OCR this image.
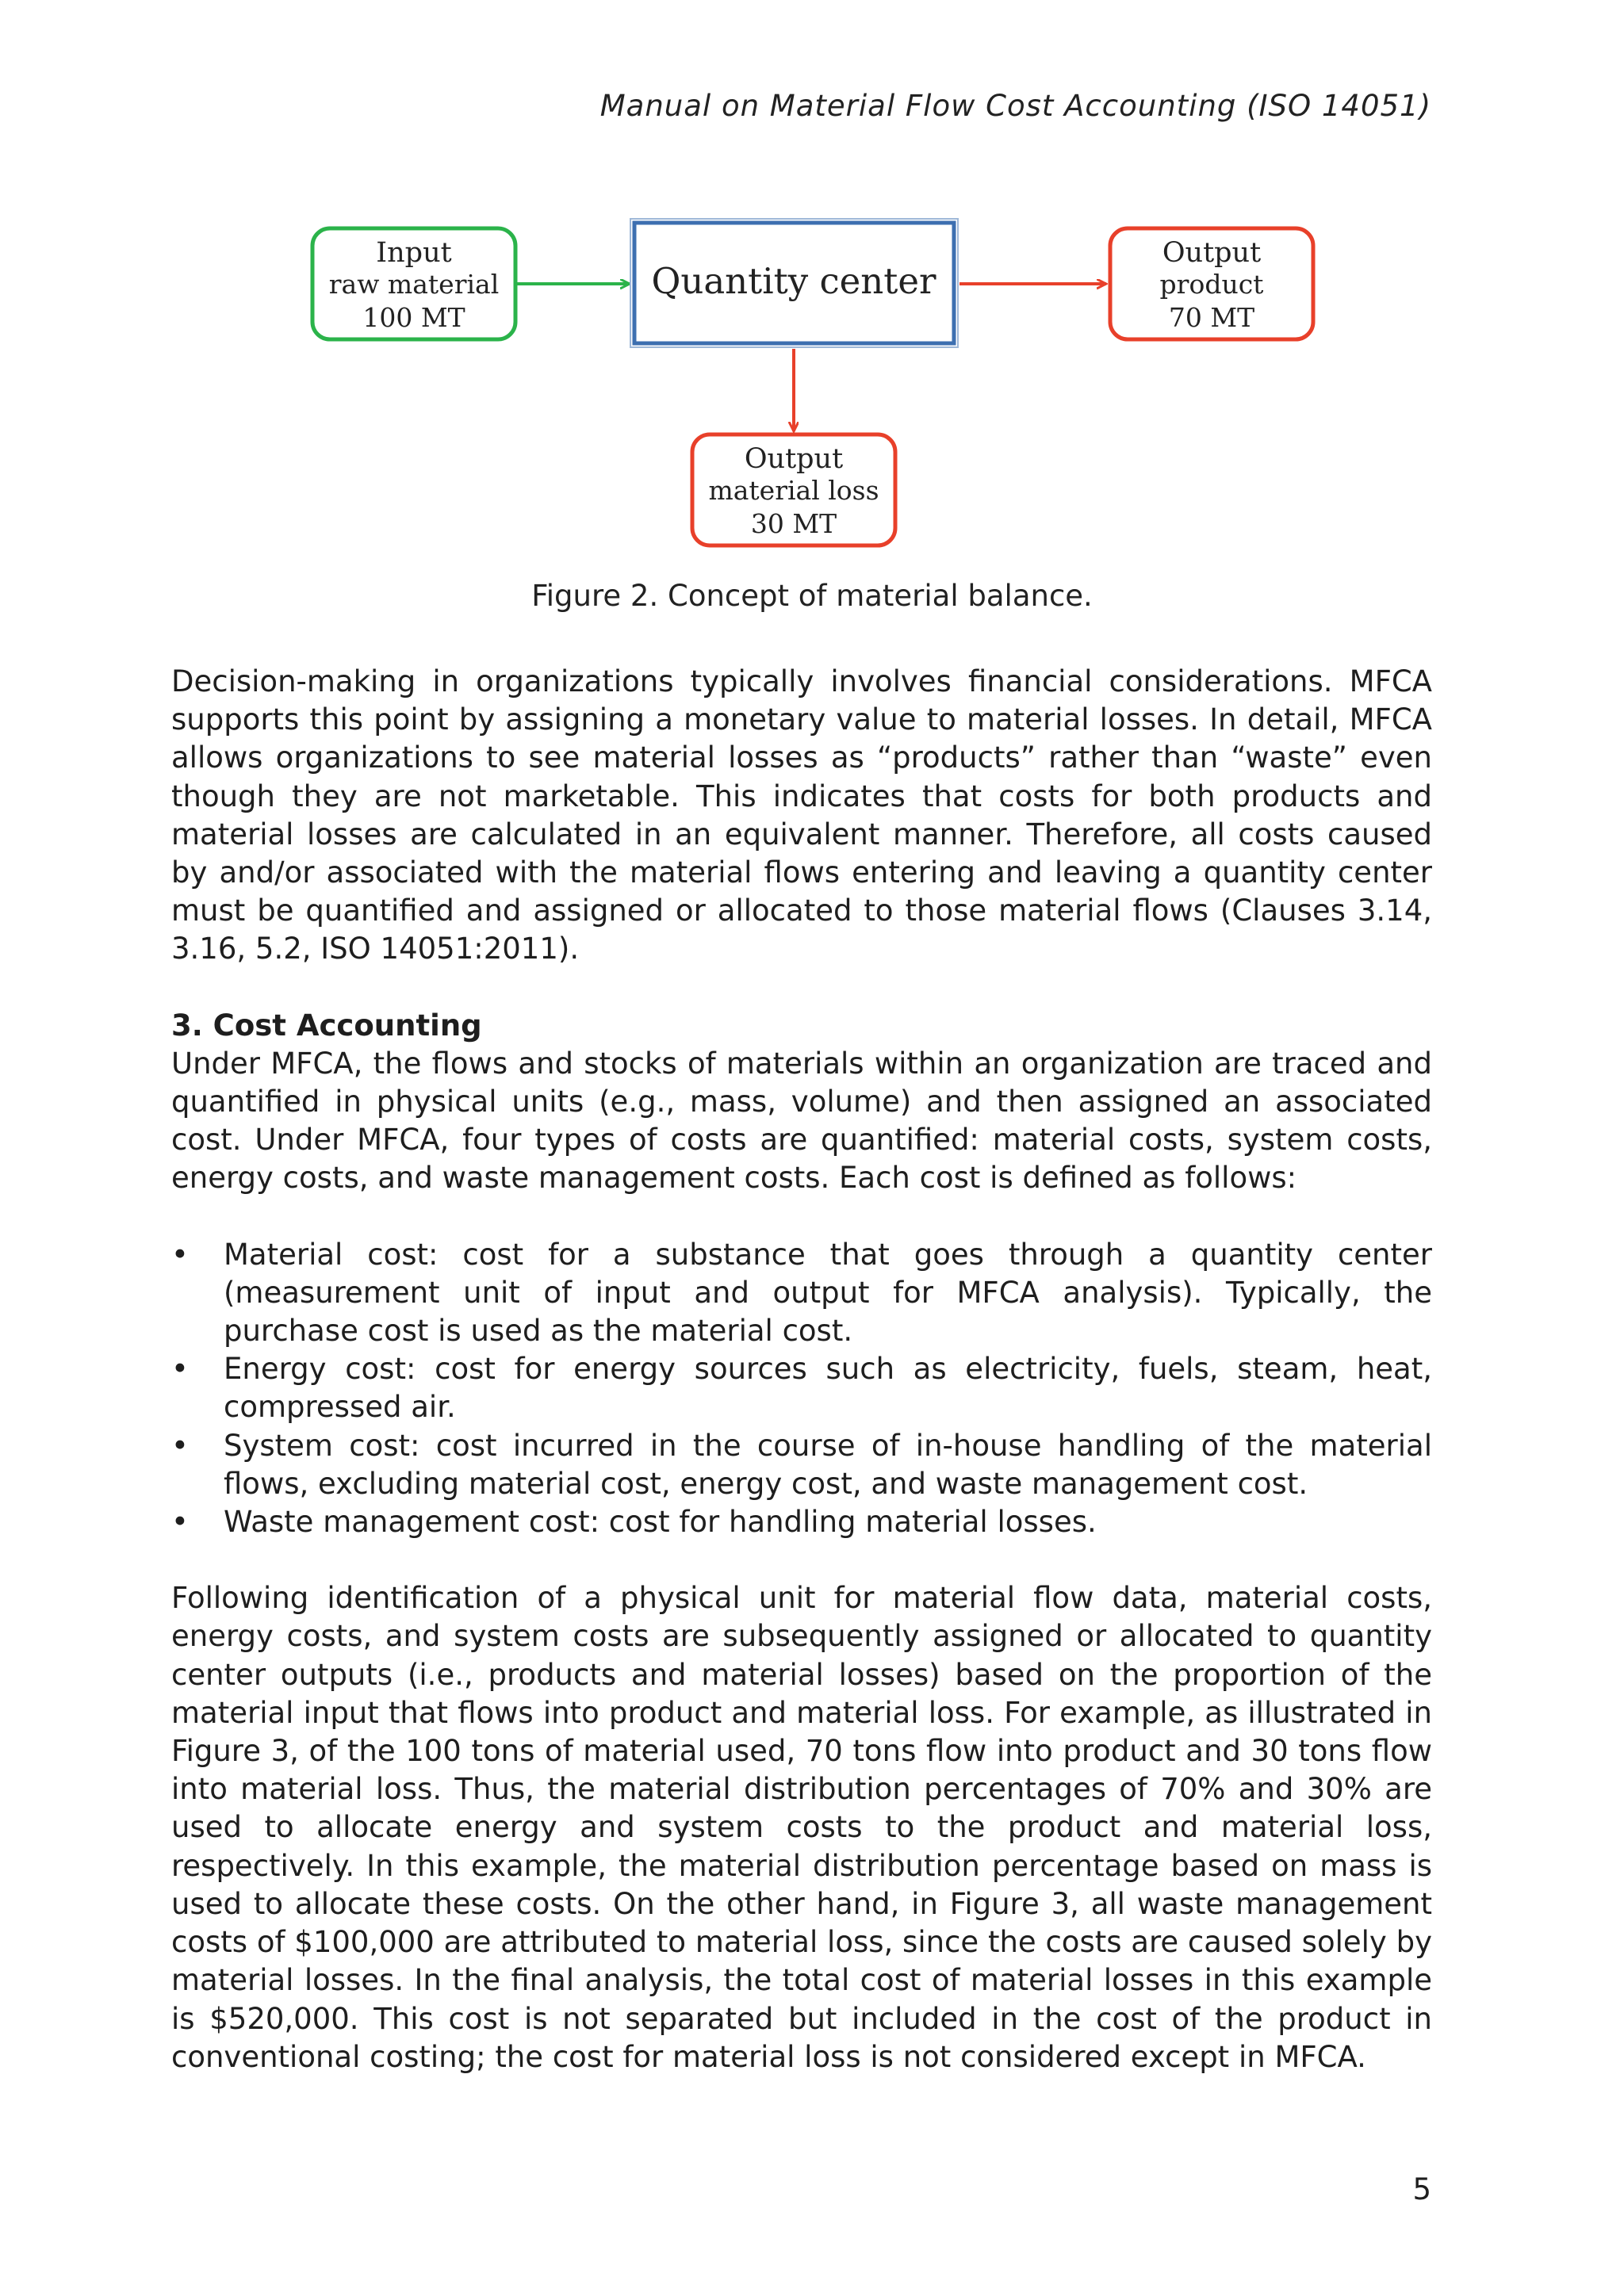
Manual on Material Flow Cost Accounting (ISO 14051)
Input
raw material
100 MT
Quantity center
Output
product
70 MT
Output
material loss
30 MT
Figure 2. Concept of material balance.

Decision-making in organizations typically involves financial considerations. MFCA supports this point by assigning a monetary value to material losses. In detail, MFCA allows organizations to see material losses as “products” rather than “waste” even though they are not marketable. This indicates that costs for both products and material losses are calculated in an equivalent manner. Therefore, all costs caused by and/or associated with the material flows entering and leaving a quantity center must be quantified and assigned or allocated to those material flows (Clauses 3.14, 3.16, 5.2, ISO 14051:2011).

3. Cost Accounting

Under MFCA, the flows and stocks of materials within an organization are traced and quantified in physical units (e.g., mass, volume) and then assigned an associated cost. Under MFCA, four types of costs are quantified: material costs, system costs, energy costs, and waste management costs. Each cost is defined as follows:

• Material cost: cost for a substance that goes through a quantity center (measurement unit of input and output for MFCA analysis). Typically, the purchase cost is used as the material cost.
• Energy cost: cost for energy sources such as electricity, fuels, steam, heat, compressed air.
• System cost: cost incurred in the course of in-house handling of the material flows, excluding material cost, energy cost, and waste management cost.
• Waste management cost: cost for handling material losses.

Following identification of a physical unit for material flow data, material costs, energy costs, and system costs are subsequently assigned or allocated to quantity center outputs (i.e., products and material losses) based on the proportion of the material input that flows into product and material loss. For example, as illustrated in Figure 3, of the 100 tons of material used, 70 tons flow into product and 30 tons flow into material loss. Thus, the material distribution percentages of 70% and 30% are used to allocate energy and system costs to the product and material loss, respectively. In this example, the material distribution percentage based on mass is used to allocate these costs. On the other hand, in Figure 3, all waste management costs of $100,000 are attributed to material loss, since the costs are caused solely by material losses. In the final analysis, the total cost of material losses in this example is $520,000. This cost is not separated but included in the cost of the product in conventional costing; the cost for material loss is not considered except in MFCA.

5
